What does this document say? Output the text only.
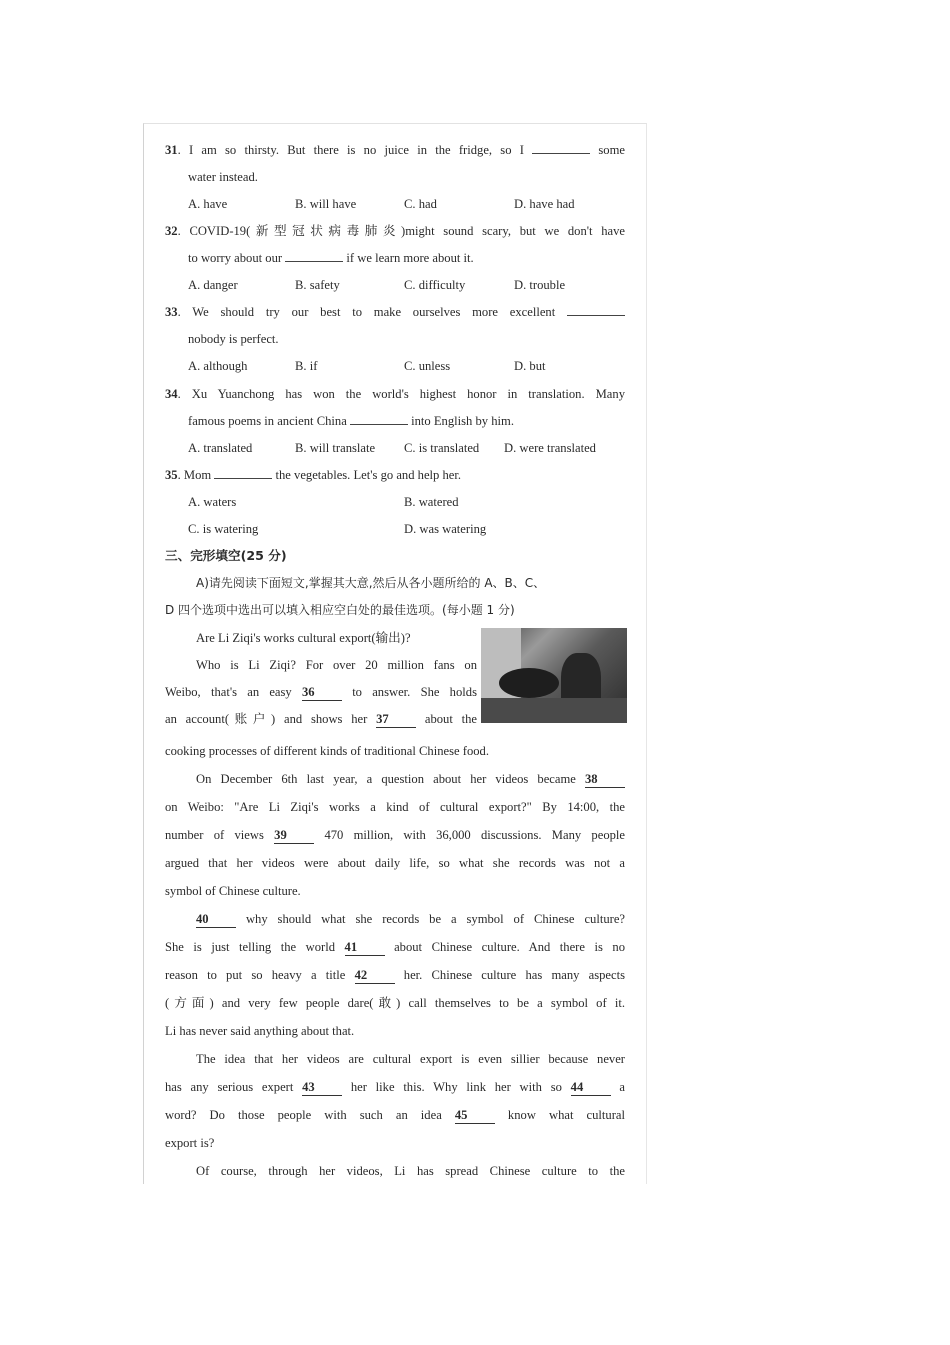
31. I am so thirsty. But there is no juice in the fridge, so I	some
water instead.
A. have	B. will have	C. had	D. have had
32. COVID-19(新型冠状病毒肺炎)might sound scary, but we don't have
to worry about our	if we learn more about it.
A. danger	B. safety	C. difficulty	D. trouble
33. We should try our best to make ourselves more excellent
nobody is perfect.
A. although	B. if	C. unless	D. but
34. Xu Yuanchong has won the world's highest honor in translation. Many
famous poems in ancient China	into English by him.
A. translated	B. will translate C. is translated D. were translated
35. Mom	the vegetables. Let's go and help her.
A. waters	B. watered
C. is watering	D. was watering
三、完形填空(25 分)
A)请先阅读下面短文,掌握其大意,然后从各小题所给的 A、B、C、
D 四个选项中选出可以填入相应空白处的最佳选项。(每小题 1 分)
Are Li Ziqi's works cultural export(输出)?
Who is Li Ziqi? For over 20 million fans on
Weibo, that's an easy 36	to answer. She holds
an account(账户) and shows her 37	about the
cooking processes of different kinds of traditional Chinese food.
On December 6th last year, a question about her videos became 38
on Weibo: "Are Li Ziqi's works a kind of cultural export?" By 14:00, the
number of views 39	470 million, with 36,000 discussions. Many people
argued that her videos were about daily life, so what she records was not a
symbol of Chinese culture.
40	why should what she records be a symbol of Chinese culture?
She is just telling the world 41	about Chinese culture. And there is no
reason to put so heavy a title 42	her. Chinese culture has many aspects
(方面) and very few people dare(敢) call themselves to be a symbol of it.
Li has never said anything about that.
The idea that her videos are cultural export is even sillier because never
has any serious expert 43	her like this. Why link her with so 44	a
word? Do those people with such an idea 45	know what cultural
export is?
Of course, through her videos, Li has spread Chinese culture to the
